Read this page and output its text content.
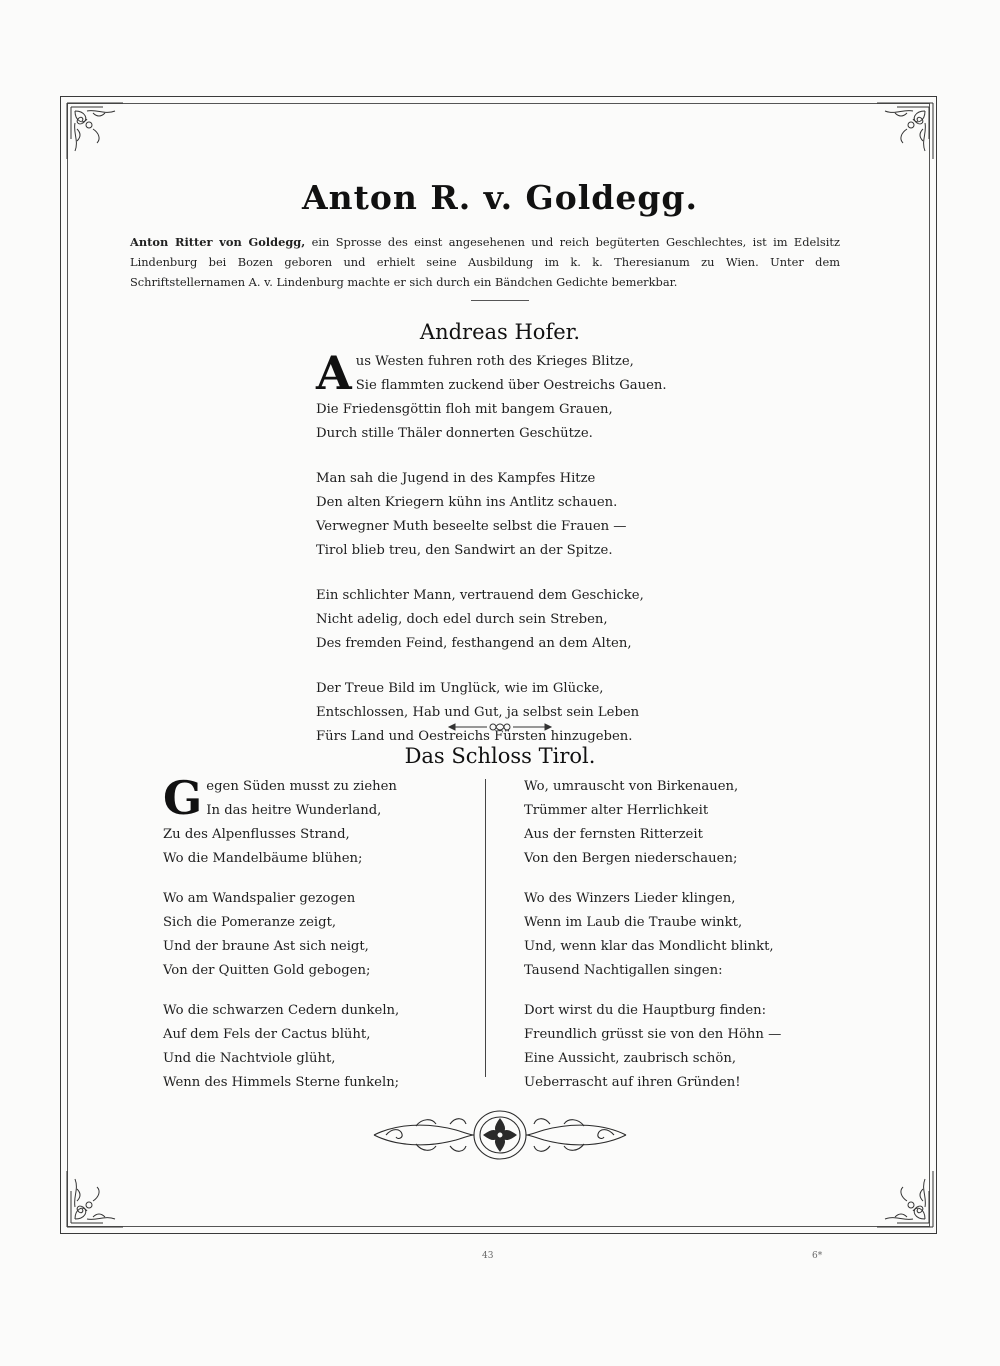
Anton R. v. Goldegg.
Anton Ritter von Goldegg, ein Sprosse des einst angesehenen und reich begüterten Geschlechtes, ist im Edelsitz Lindenburg bei Bozen geboren und erhielt seine Ausbildung im k. k. Theresianum zu Wien. Unter dem Schriftstellernamen A. v. Lindenburg machte er sich durch ein Bändchen Gedichte bemerkbar.
Andreas Hofer.
A us Westen fuhren roth des Krieges Blitze,
Sie flammten zuckend über Oestreichs Gauen.
Die Friedensgöttin floh mit bangem Grauen,
Durch stille Thäler donnerten Geschütze.
Man sah die Jugend in des Kampfes Hitze
Den alten Kriegern kühn ins Antlitz schauen.
Verwegner Muth beseelte selbst die Frauen —
Tirol blieb treu, den Sandwirt an der Spitze.
Ein schlichter Mann, vertrauend dem Geschicke,
Nicht adelig, doch edel durch sein Streben,
Des fremden Feind, festhangend an dem Alten,
Der Treue Bild im Unglück, wie im Glücke,
Entschlossen, Hab und Gut, ja selbst sein Leben
Fürs Land und Oestreichs Fürsten hinzugeben.
Das Schloss Tirol.
G egen Süden musst zu ziehen
In das heitre Wunderland,
Zu des Alpenflusses Strand,
Wo die Mandelbäume blühen;
Wo am Wandspalier gezogen
Sich die Pomeranze zeigt,
Und der braune Ast sich neigt,
Von der Quitten Gold gebogen;
Wo die schwarzen Cedern dunkeln,
Auf dem Fels der Cactus blüht,
Und die Nachtviole glüht,
Wenn des Himmels Sterne funkeln;
Wo, umrauscht von Birkenauen,
Trümmer alter Herrlichkeit
Aus der fernsten Ritterzeit
Von den Bergen niederschauen;
Wo des Winzers Lieder klingen,
Wenn im Laub die Traube winkt,
Und, wenn klar das Mondlicht blinkt,
Tausend Nachtigallen singen:
Dort wirst du die Hauptburg finden:
Freundlich grüsst sie von den Höhn —
Eine Aussicht, zaubrisch schön,
Ueberrascht auf ihren Gründen!
43	6*
